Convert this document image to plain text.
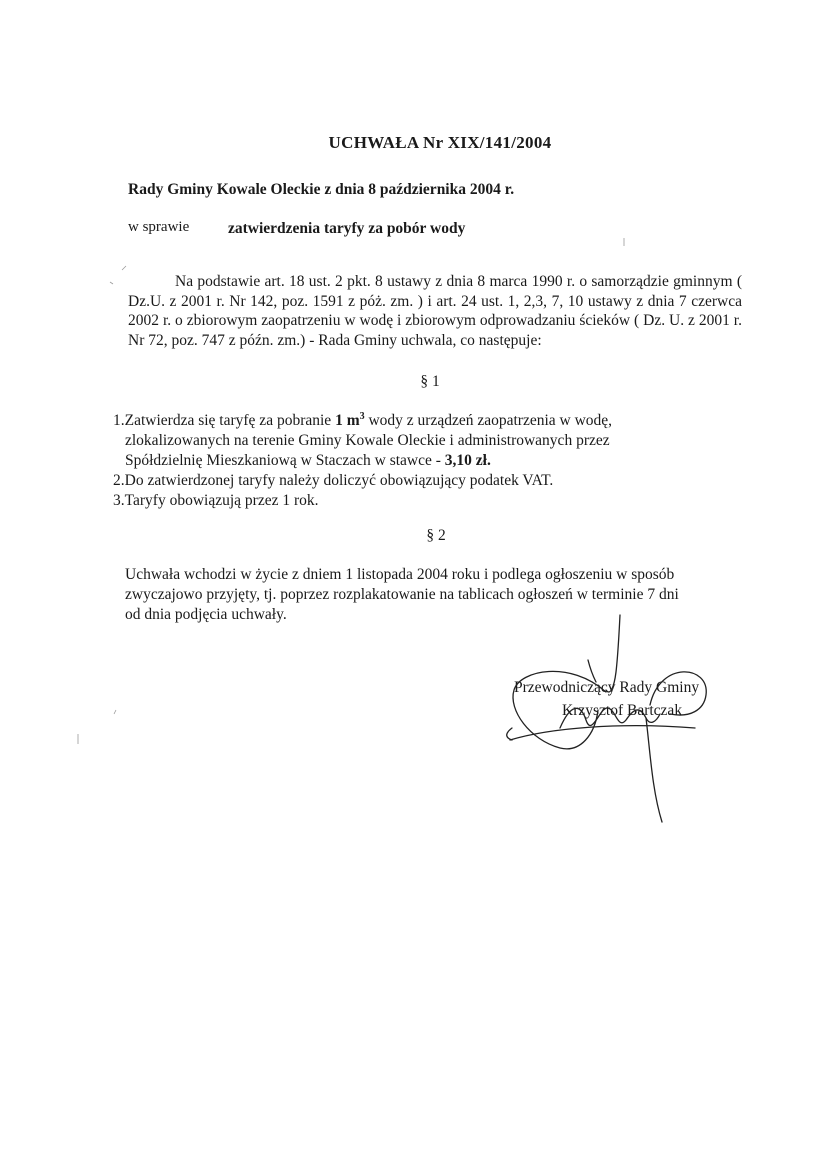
UCHWAŁA Nr XIX/141/2004
Rady Gminy Kowale Oleckie z dnia 8 października 2004 r.
w sprawie	zatwierdzenia taryfy za pobór wody
Na podstawie art. 18 ust. 2 pkt. 8 ustawy z dnia 8 marca 1990 r. o samorządzie gminnym ( Dz.U. z 2001 r. Nr 142, poz. 1591 z póż. zm. ) i art. 24 ust. 1, 2,3, 7, 10 ustawy z dnia 7 czerwca 2002 r. o zbiorowym zaopatrzeniu w wodę i zbiorowym odprowadzaniu ścieków ( Dz. U. z 2001 r. Nr 72, poz. 747 z późn. zm.) - Rada Gminy uchwala, co następuje:
§ 1
1.Zatwierdza się taryfę za pobranie 1 $m^3$ wody z urządzeń zaopatrzenia w wodę,
zlokalizowanych na terenie Gminy Kowale Oleckie i administrowanych przez
Spółdzielnię Mieszkaniową w Staczach w stawce - 3,10 zł.
2.Do zatwierdzonej taryfy należy doliczyć obowiązujący podatek VAT.
3.Taryfy obowiązują przez 1 rok.
§ 2
Uchwała wchodzi w życie z dniem 1 listopada 2004 roku i podlega ogłoszeniu w sposób
zwyczajowo przyjęty, tj. poprzez rozplakatowanie na tablicach ogłoszeń w terminie 7 dni
od dnia podjęcia uchwały.
Przewodniczący Rady Gminy
Krzysztof Bartczak
